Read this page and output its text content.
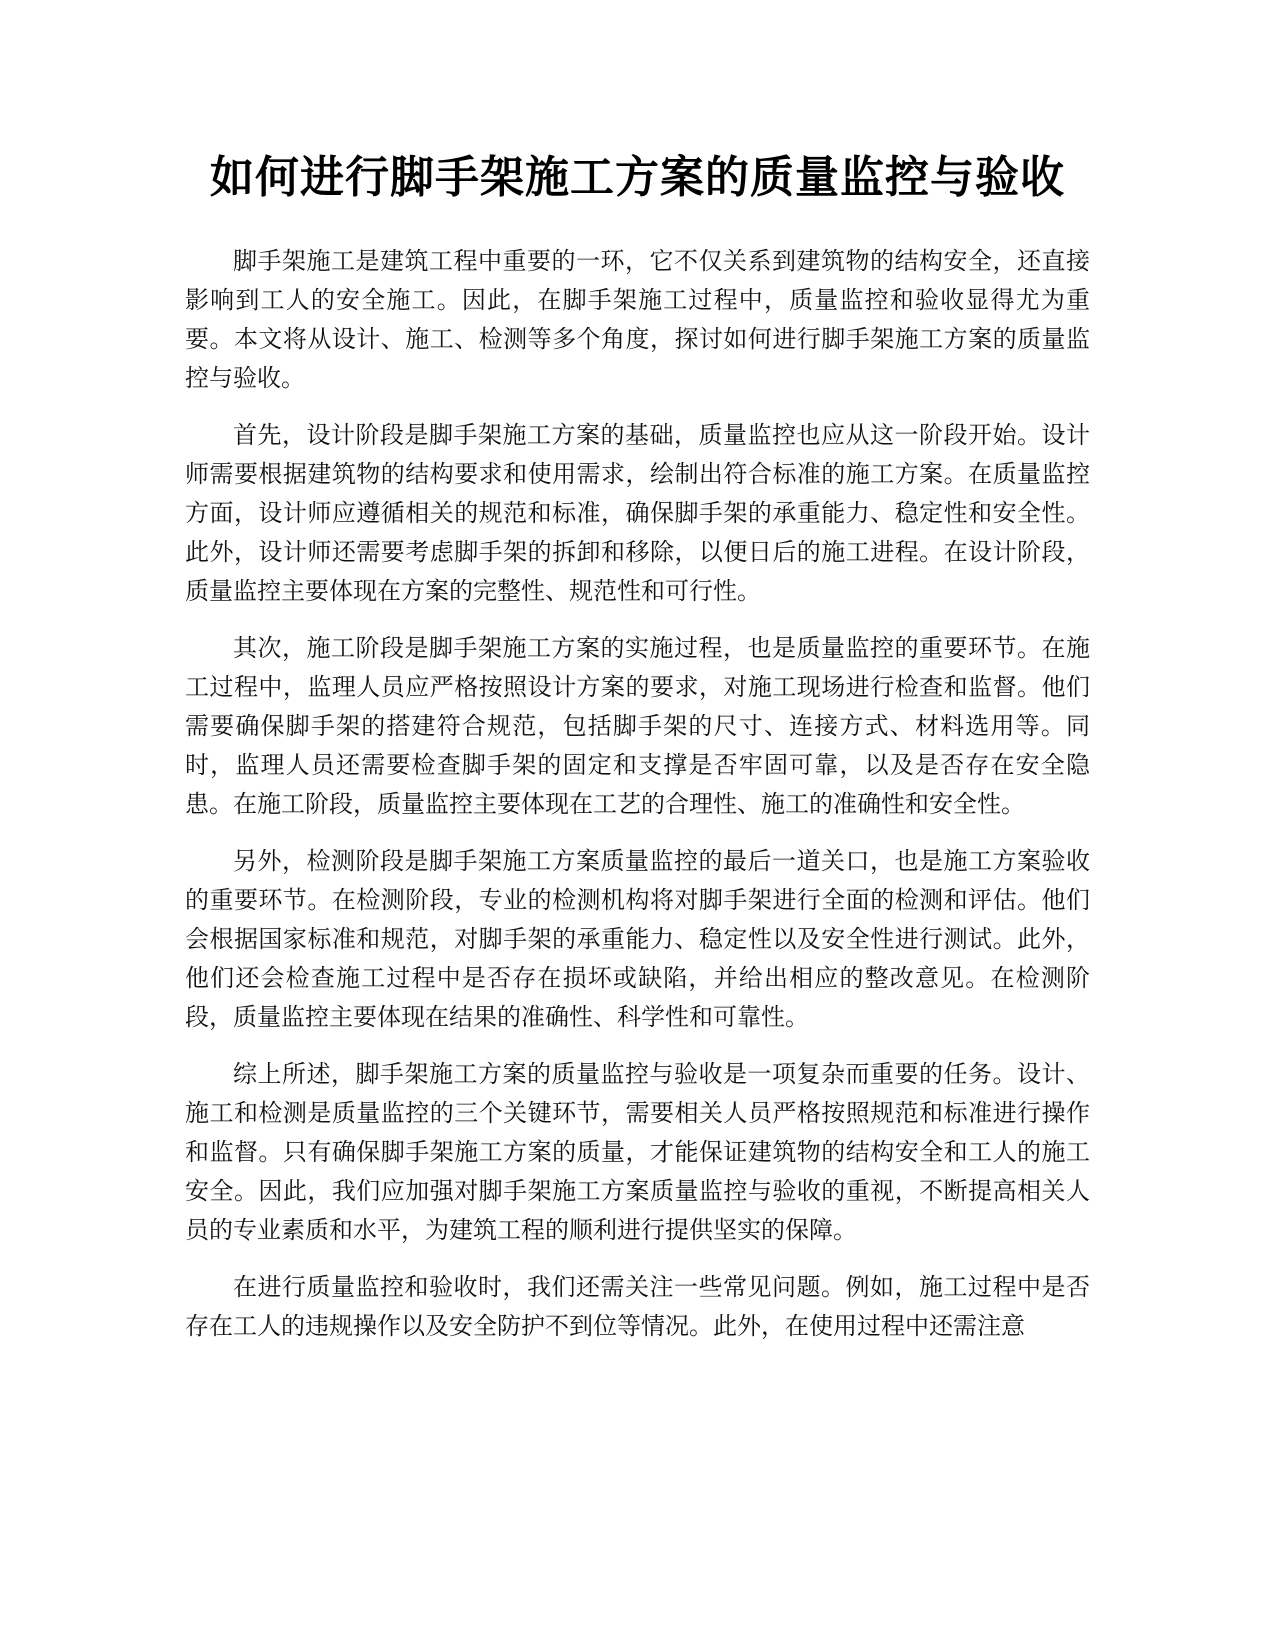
如何进行脚手架施工方案的质量监控与验收

脚手架施工是建筑工程中重要的一环，它不仅关系到建筑物的结构安全，还直接影响到工人的安全施工。因此，在脚手架施工过程中，质量监控和验收显得尤为重要。本文将从设计、施工、检测等多个角度，探讨如何进行脚手架施工方案的质量监控与验收。

首先，设计阶段是脚手架施工方案的基础，质量监控也应从这一阶段开始。设计师需要根据建筑物的结构要求和使用需求，绘制出符合标准的施工方案。在质量监控方面，设计师应遵循相关的规范和标准，确保脚手架的承重能力、稳定性和安全性。此外，设计师还需要考虑脚手架的拆卸和移除，以便日后的施工进程。在设计阶段，质量监控主要体现在方案的完整性、规范性和可行性。

其次，施工阶段是脚手架施工方案的实施过程，也是质量监控的重要环节。在施工过程中，监理人员应严格按照设计方案的要求，对施工现场进行检查和监督。他们需要确保脚手架的搭建符合规范，包括脚手架的尺寸、连接方式、材料选用等。同时，监理人员还需要检查脚手架的固定和支撑是否牢固可靠，以及是否存在安全隐患。在施工阶段，质量监控主要体现在工艺的合理性、施工的准确性和安全性。

另外，检测阶段是脚手架施工方案质量监控的最后一道关口，也是施工方案验收的重要环节。在检测阶段，专业的检测机构将对脚手架进行全面的检测和评估。他们会根据国家标准和规范，对脚手架的承重能力、稳定性以及安全性进行测试。此外，他们还会检查施工过程中是否存在损坏或缺陷，并给出相应的整改意见。在检测阶段，质量监控主要体现在结果的准确性、科学性和可靠性。

综上所述，脚手架施工方案的质量监控与验收是一项复杂而重要的任务。设计、施工和检测是质量监控的三个关键环节，需要相关人员严格按照规范和标准进行操作和监督。只有确保脚手架施工方案的质量，才能保证建筑物的结构安全和工人的施工安全。因此，我们应加强对脚手架施工方案质量监控与验收的重视，不断提高相关人员的专业素质和水平，为建筑工程的顺利进行提供坚实的保障。

在进行质量监控和验收时，我们还需关注一些常见问题。例如，施工过程中是否存在工人的违规操作以及安全防护不到位等情况。此外，在使用过程中还需注意
